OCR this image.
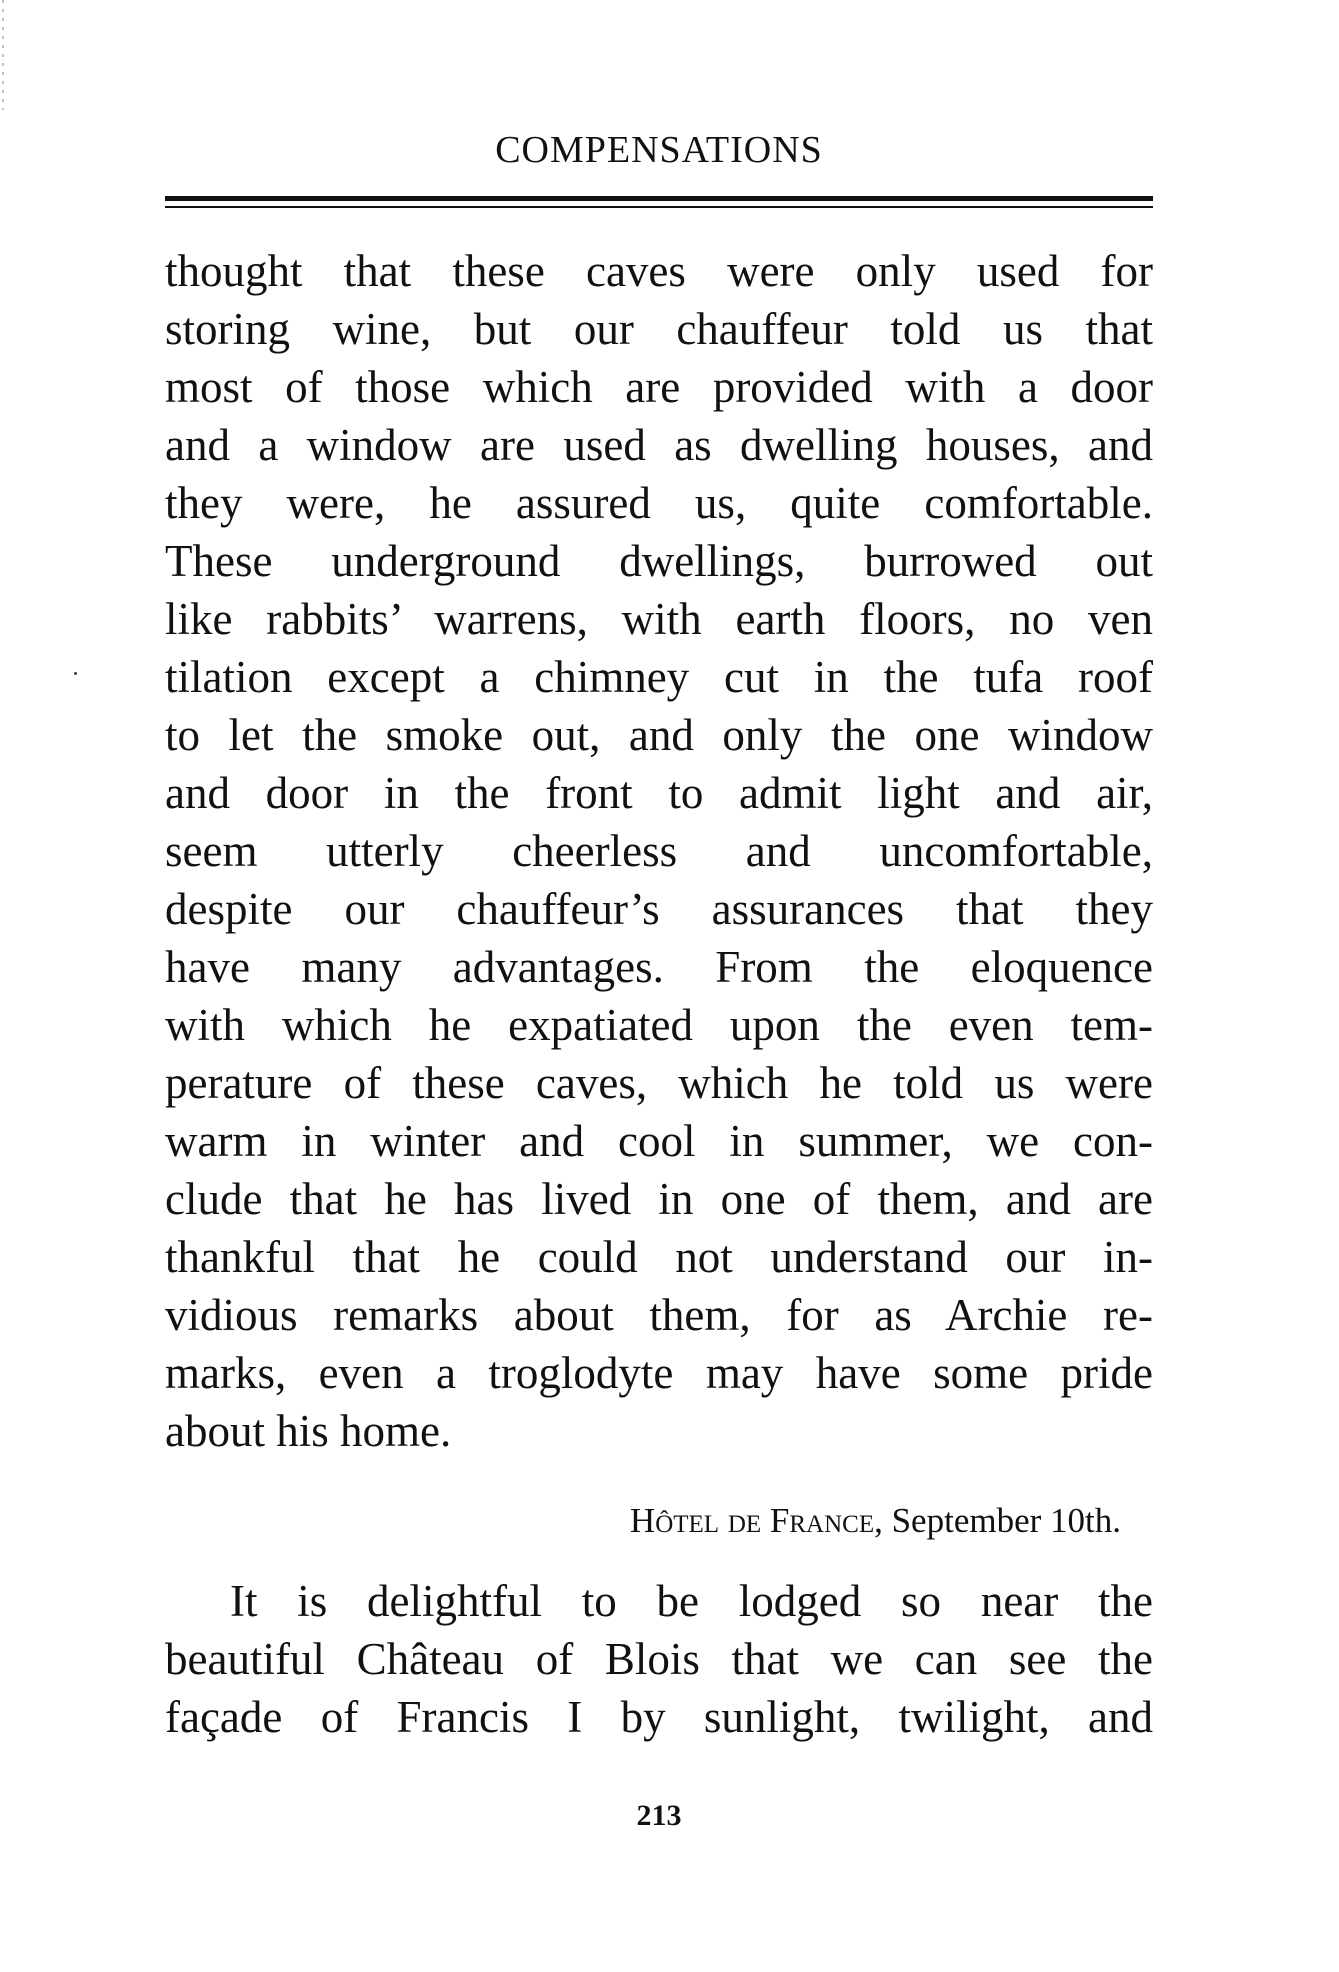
COMPENSATIONS
thought that these caves were only used for
storing wine, but our chauffeur told us that
most of those which are provided with a door
and a window are used as dwelling houses, and
they were, he assured us, quite comfortable.
These underground dwellings, burrowed out
like rabbits’ warrens, with earth floors, no ven
tilation except a chimney cut in the tufa roof
to let the smoke out, and only the one window
and door in the front to admit light and air,
seem utterly cheerless and uncomfortable,
despite our chauffeur’s assurances that they
have many advantages. From the eloquence
with which he expatiated upon the even tem-
perature of these caves, which he told us were
warm in winter and cool in summer, we con-
clude that he has lived in one of them, and are
thankful that he could not understand our in-
vidious remarks about them, for as Archie re-
marks, even a troglodyte may have some pride
about his home.
Hôtel de France, September 10th.
It is delightful to be lodged so near the
beautiful Château of Blois that we can see the
façade of Francis I by sunlight, twilight, and
213
